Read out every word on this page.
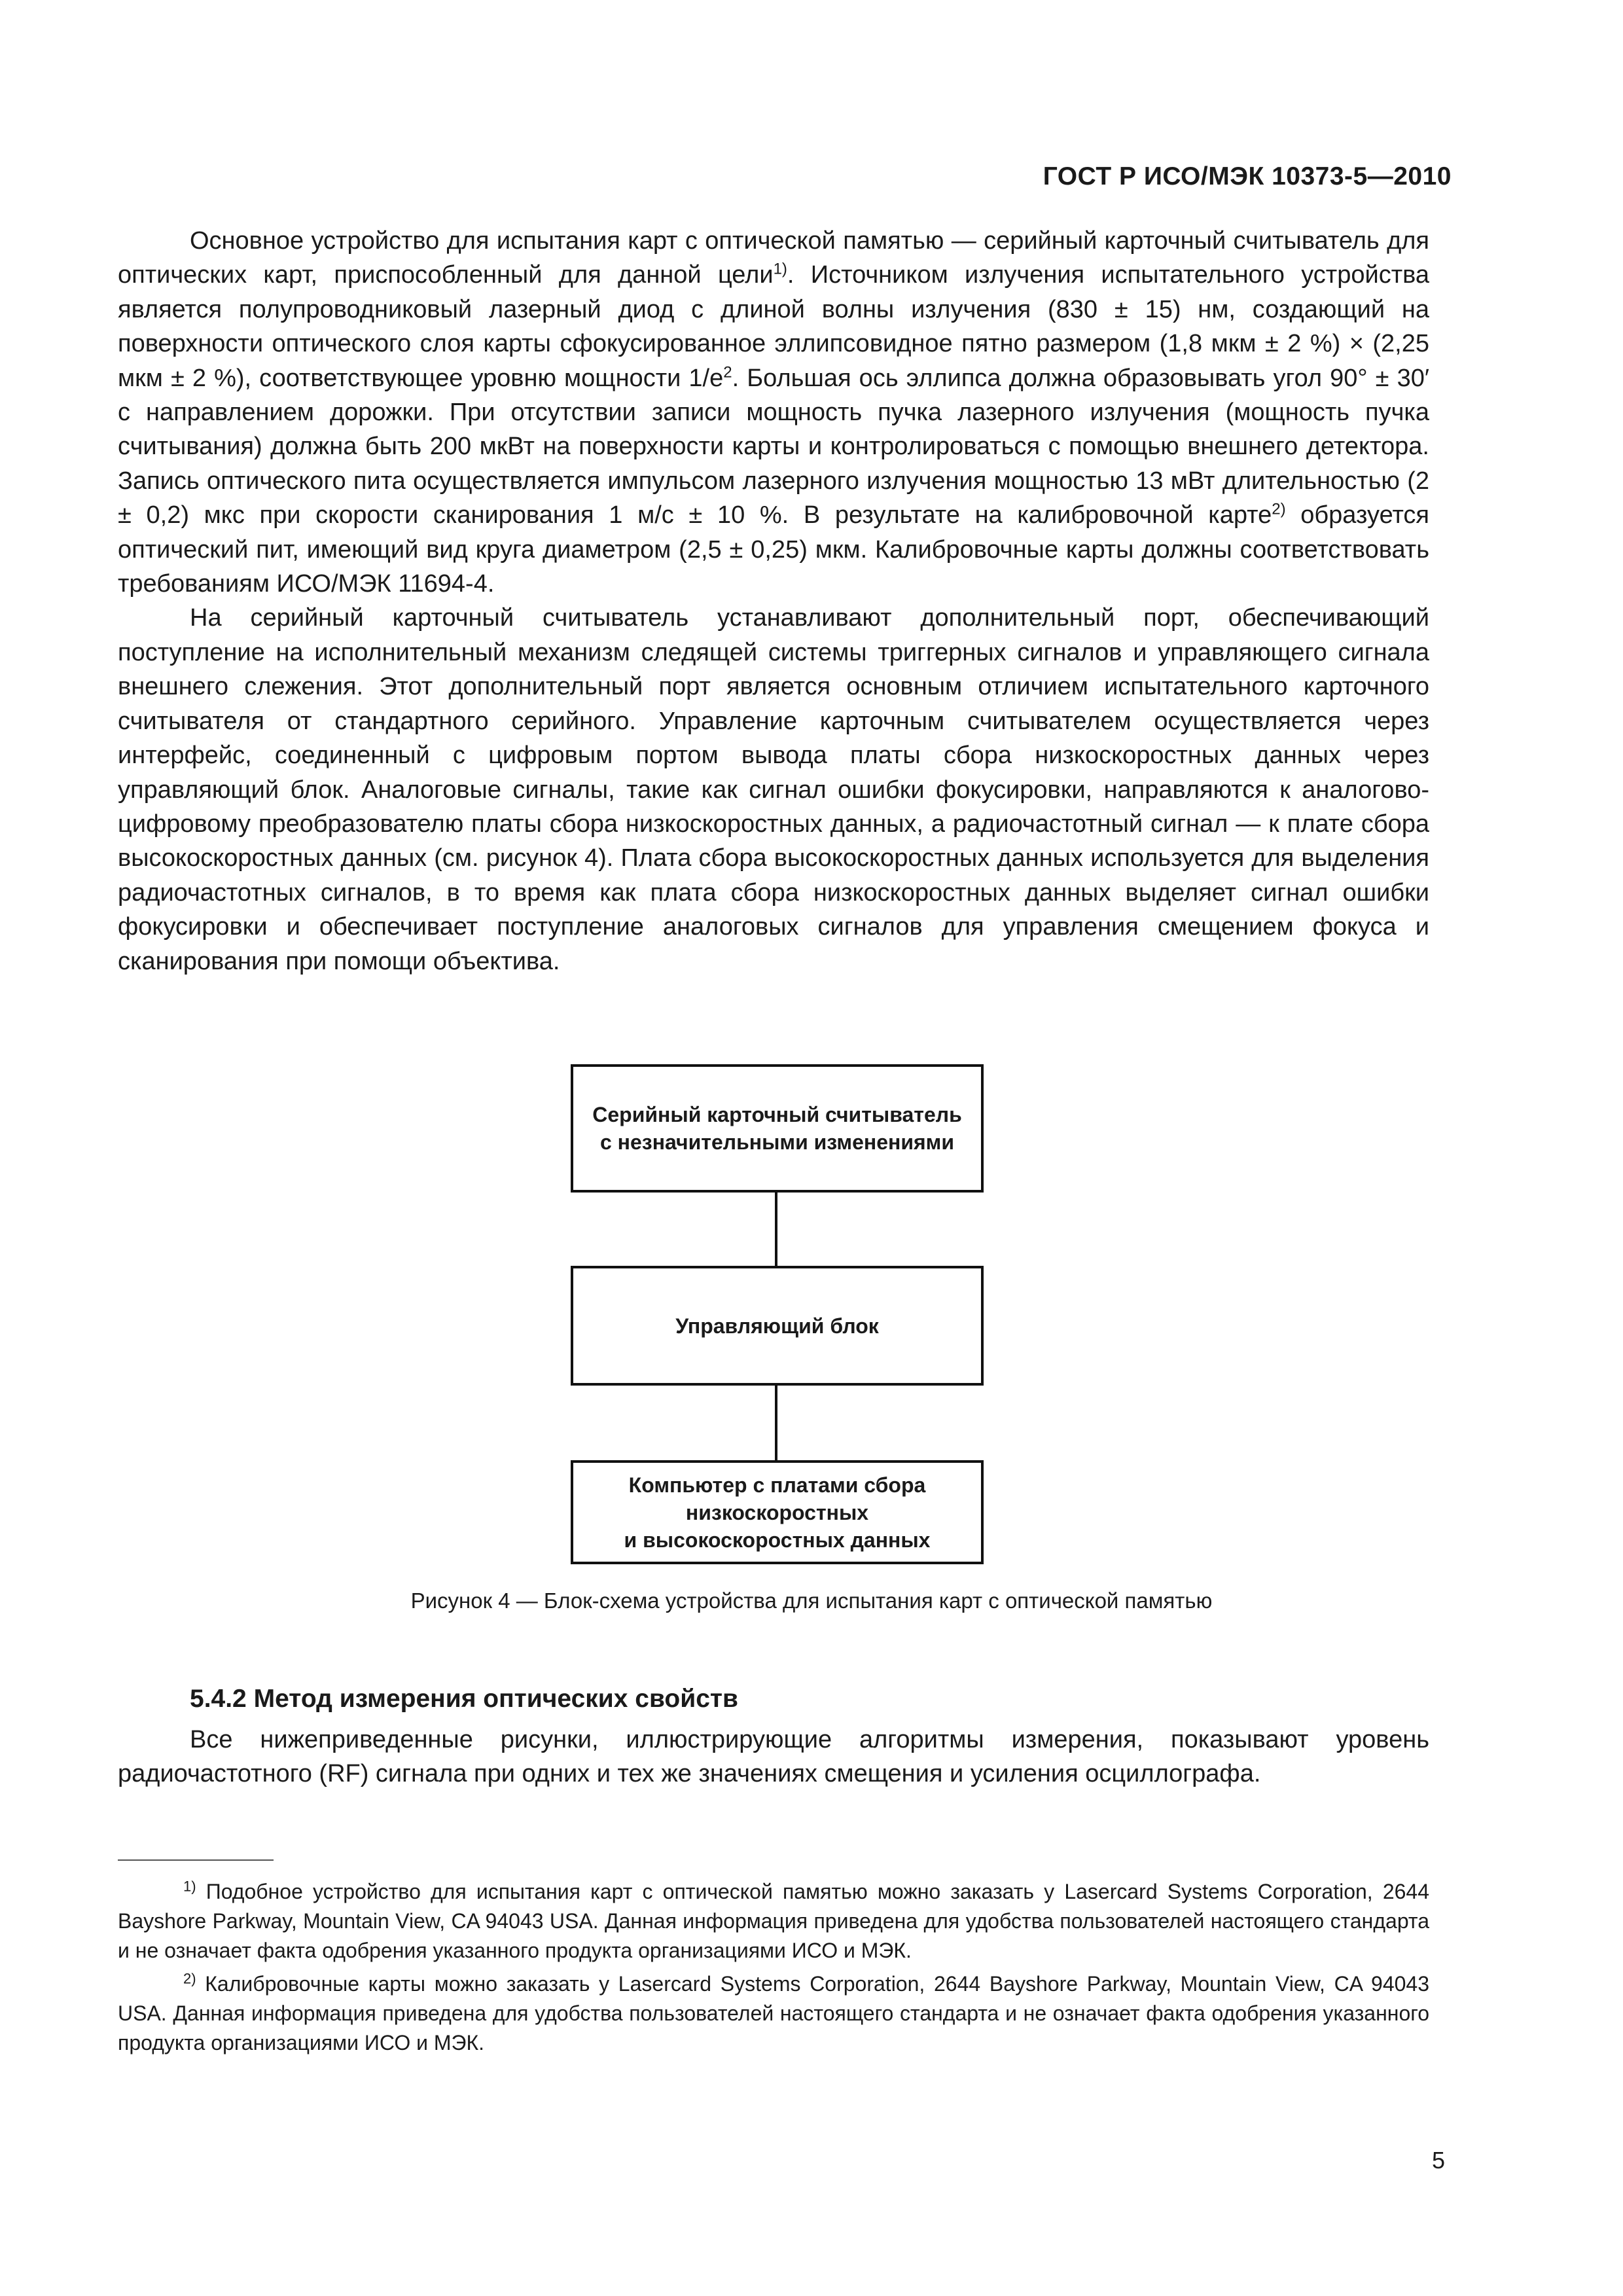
ГОСТ Р ИСО/МЭК 10373-5—2010

Основное устройство для испытания карт с оптической памятью — серийный карточный считыватель для оптических карт, приспособленный для данной цели$^{1)}$. Источником излучения испытательного устройства является полупроводниковый лазерный диод с длиной волны излучения (830 ± 15) нм, создающий на поверхности оптического слоя карты сфокусированное эллипсовидное пятно размером (1,8 мкм ± 2 %) × (2,25 мкм ± 2 %), соответствующее уровню мощности $1/е^2$. Большая ось эллипса должна образовывать угол 90° ± 30′ с направлением дорожки. При отсутствии записи мощность пучка лазерного излучения (мощность пучка считывания) должна быть 200 мкВт на поверхности карты и контролироваться с помощью внешнего детектора. Запись оптического пита осуществляется импульсом лазерного излучения мощностью 13 мВт длительностью (2 ± 0,2) мкс при скорости сканирования 1 м/с ± 10 %. В результате на калибровочной карте$^{2)}$ образуется оптический пит, имеющий вид круга диаметром (2,5 ± 0,25) мкм. Калибровочные карты должны соответствовать требованиям ИСО/МЭК 11694-4.

На серийный карточный считыватель устанавливают дополнительный порт, обеспечивающий поступление на исполнительный механизм следящей системы триггерных сигналов и управляющего сигнала внешнего слежения. Этот дополнительный порт является основным отличием испытательного карточного считывателя от стандартного серийного. Управление карточным считывателем осуществляется через интерфейс, соединенный с цифровым портом вывода платы сбора низкоскоростных данных через управляющий блок. Аналоговые сигналы, такие как сигнал ошибки фокусировки, направляются к аналогово-цифровому преобразователю платы сбора низкоскоростных данных, а радиочастотный сигнал — к плате сбора высокоскоростных данных (см. рисунок 4). Плата сбора высокоскоростных данных используется для выделения радиочастотных сигналов, в то время как плата сбора низкоскоростных данных выделяет сигнал ошибки фокусировки и обеспечивает поступление аналоговых сигналов для управления смещением фокуса и сканирования при помощи объектива.

Серийный карточный считыватель
с незначительными изменениями
Управляющий блок
Компьютер с платами сбора
низкоскоростных
и высокоскоростных данных
Рисунок 4 — Блок-схема устройства для испытания карт с оптической памятью
5.4.2 Метод измерения оптических свойств

Все нижеприведенные рисунки, иллюстрирующие алгоритмы измерения, показывают уровень радиочастотного (RF) сигнала при одних и тех же значениях смещения и усиления осциллографа.

$^{1)}$ Подобное устройство для испытания карт с оптической памятью можно заказать у Lasercard Systems Corporation, 2644 Bayshore Parkway, Mountain View, CA 94043 USA. Данная информация приведена для удобства пользователей настоящего стандарта и не означает факта одобрения указанного продукта организациями ИСО и МЭК.

$^{2)}$ Калибровочные карты можно заказать у Lasercard Systems Corporation, 2644 Bayshore Parkway, Mountain View, CA 94043 USA. Данная информация приведена для удобства пользователей настоящего стандарта и не означает факта одобрения указанного продукта организациями ИСО и МЭК.

5
